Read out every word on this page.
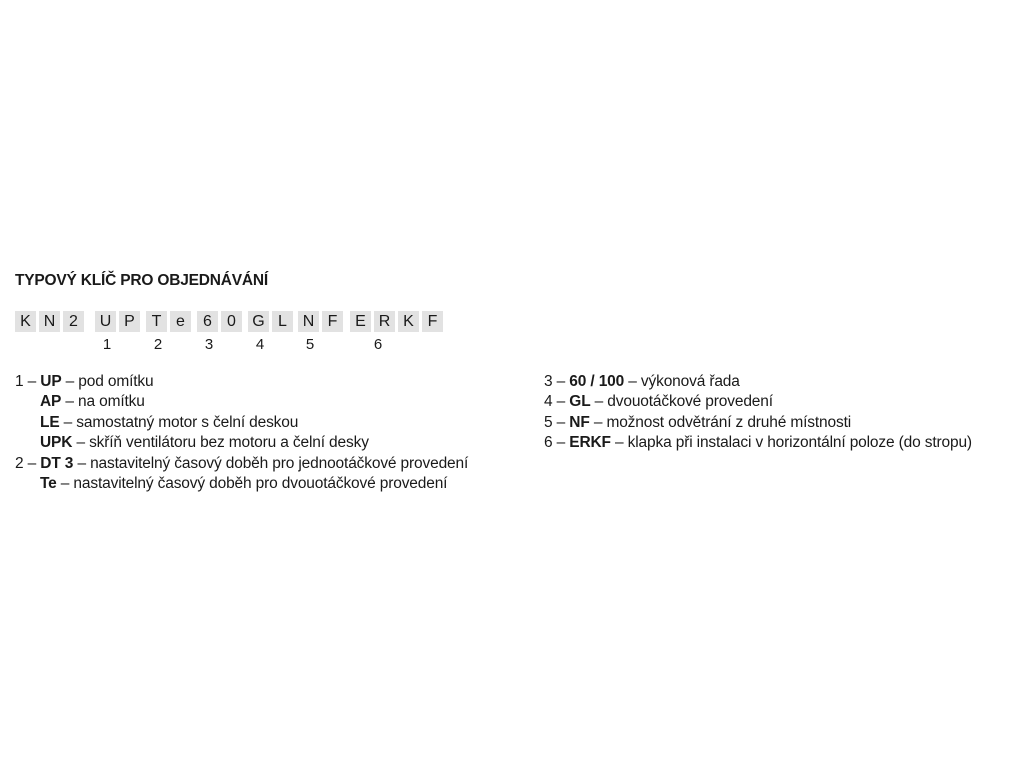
TYPOVÝ KLÍČ PRO OBJEDNÁVÁNÍ
K N 2	U P	T e	6 0	G L N F	E R K F
1	2	3	4	5	6
1 – UP – pod omítku
AP – na omítku
LE – samostatný motor s čelní deskou
UPK – skříň ventilátoru bez motoru a čelní desky
2 – DT 3 – nastavitelný časový doběh pro jednootáčkové provedení
Te – nastavitelný časový doběh pro dvouotáčkové provedení
3 – 60 / 100 – výkonová řada
4 – GL – dvouotáčkové provedení
5 – NF – možnost odvětrání z druhé místnosti
6 – ERKF – klapka při instalaci v horizontální poloze (do stropu)
